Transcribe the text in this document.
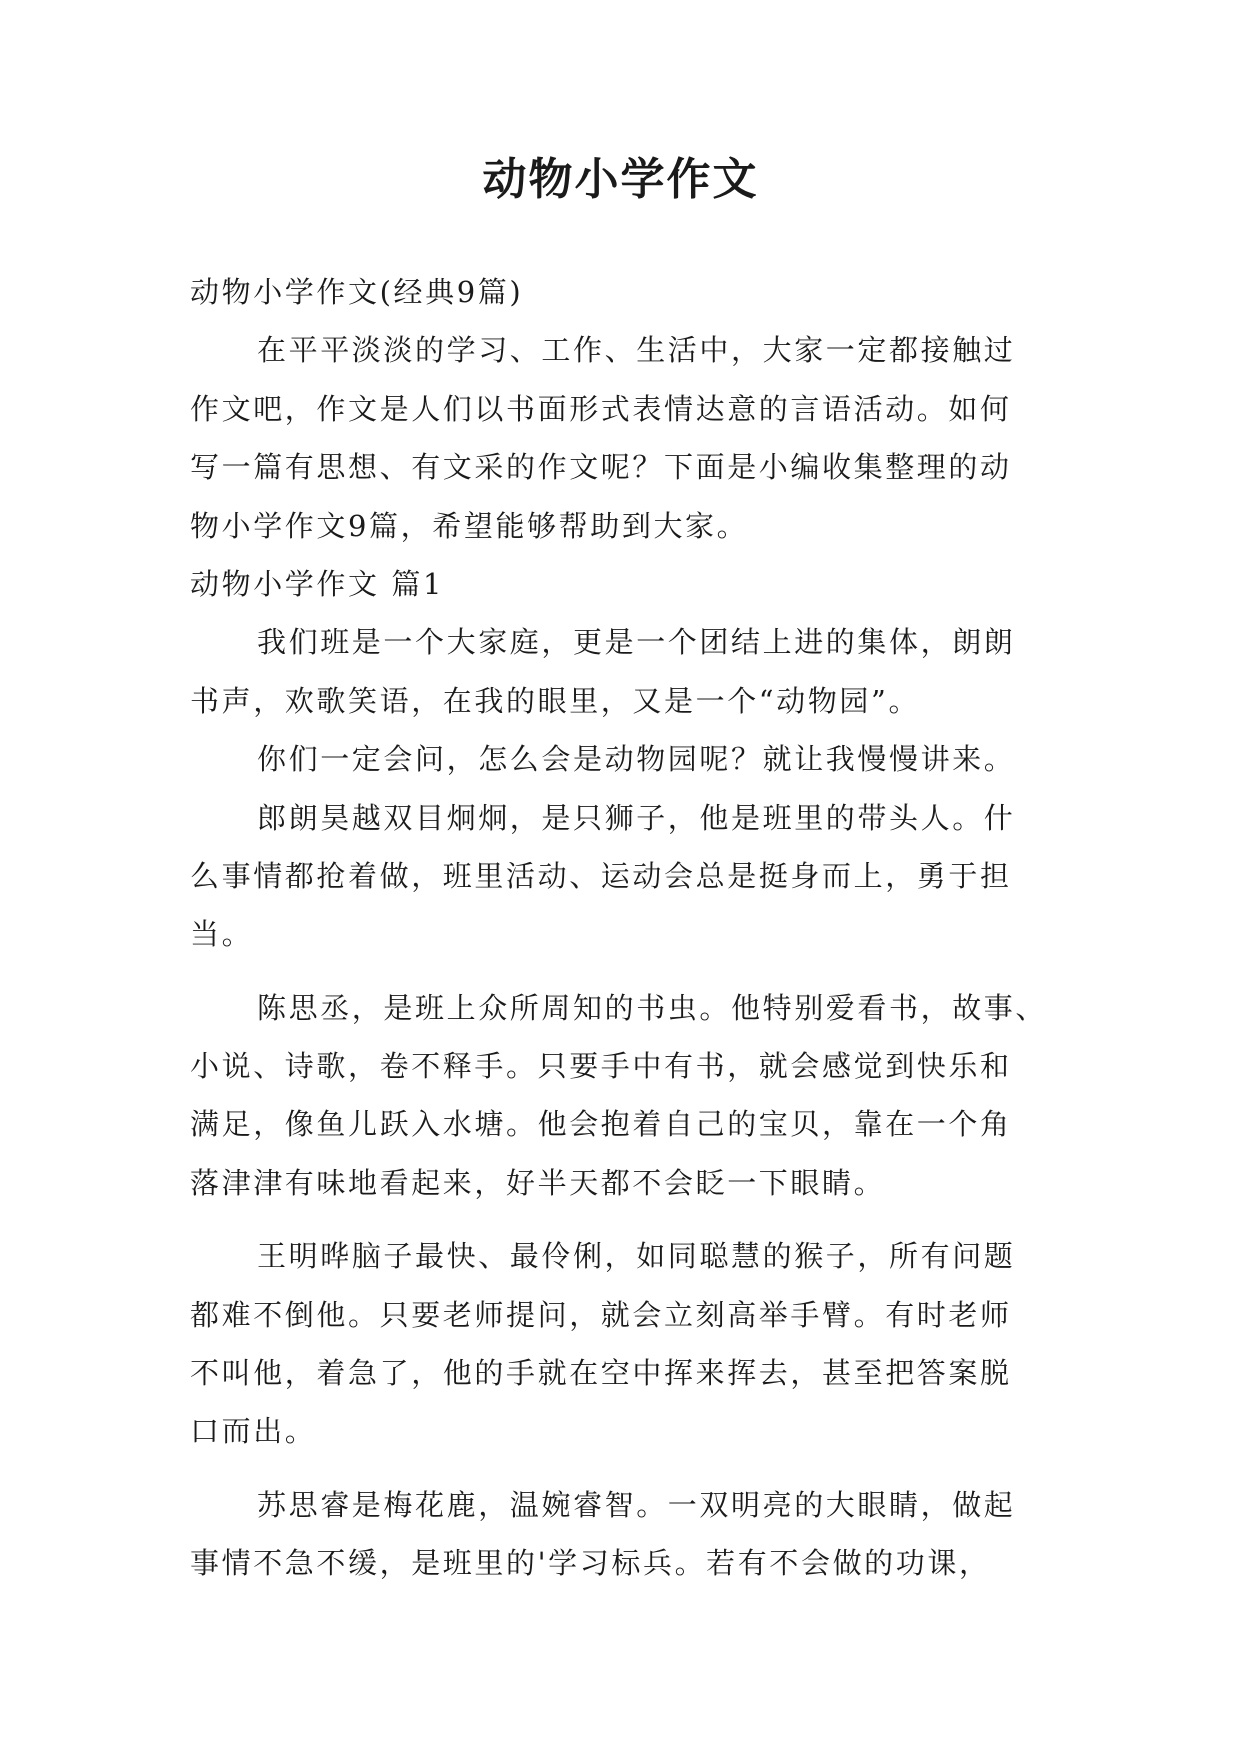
动物小学作文
动物小学作文(经典9篇)
在平平淡淡的学习、工作、生活中，大家一定都接触过
作文吧，作文是人们以书面形式表情达意的言语活动。如何
写一篇有思想、有文采的作文呢？下面是小编收集整理的动
物小学作文9篇，希望能够帮助到大家。
动物小学作文 篇1
我们班是一个大家庭，更是一个团结上进的集体，朗朗
书声，欢歌笑语，在我的眼里，又是一个“动物园”。
你们一定会问，怎么会是动物园呢？就让我慢慢讲来。
郎朗昊越双目炯炯，是只狮子，他是班里的带头人。什
么事情都抢着做，班里活动、运动会总是挺身而上，勇于担
当。
陈思丞，是班上众所周知的书虫。他特别爱看书，故事、
小说、诗歌，卷不释手。只要手中有书，就会感觉到快乐和
满足，像鱼儿跃入水塘。他会抱着自己的宝贝，靠在一个角
落津津有味地看起来，好半天都不会眨一下眼睛。
王明晔脑子最快、最伶俐，如同聪慧的猴子，所有问题
都难不倒他。只要老师提问，就会立刻高举手臂。有时老师
不叫他，着急了，他的手就在空中挥来挥去，甚至把答案脱
口而出。
苏思睿是梅花鹿，温婉睿智。一双明亮的大眼睛，做起
事情不急不缓，是班里的'学习标兵。若有不会做的功课，
